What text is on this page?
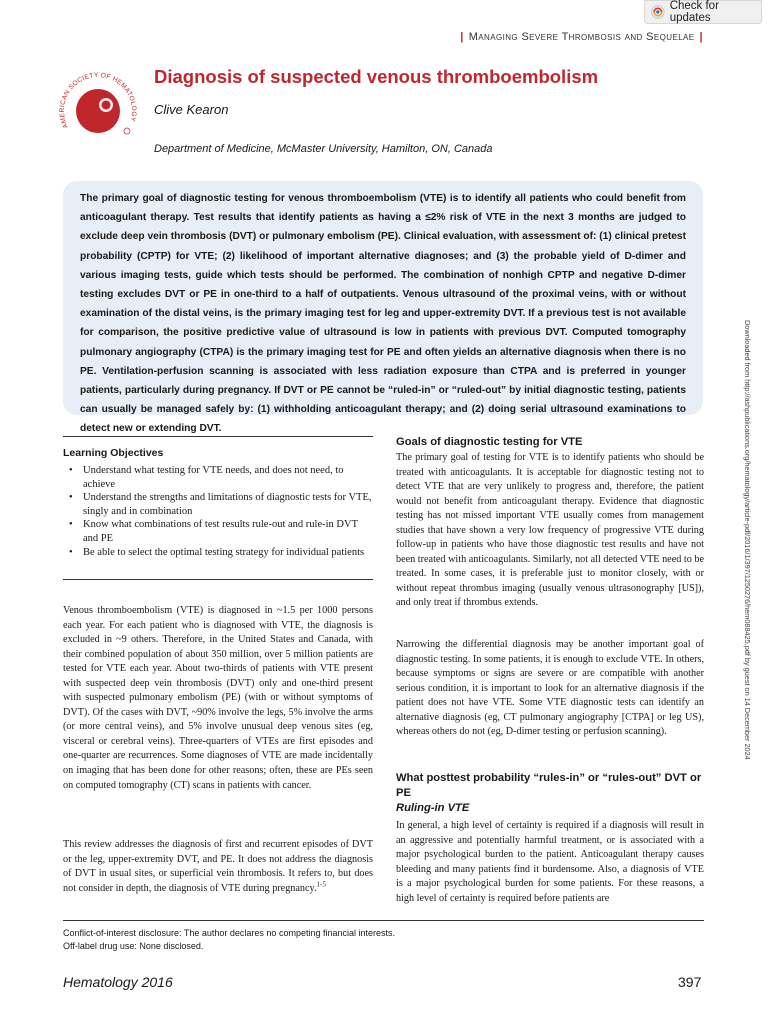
Check for updates
| Managing Severe Thrombosis and Sequelae |
AMERICAN SOCIETY OF HEMATOLOGY
Diagnosis of suspected venous thromboembolism
Clive Kearon
Department of Medicine, McMaster University, Hamilton, ON, Canada

The primary goal of diagnostic testing for venous thromboembolism (VTE) is to identify all patients who could benefit from anticoagulant therapy. Test results that identify patients as having a ≤2% risk of VTE in the next 3 months are judged to exclude deep vein thrombosis (DVT) or pulmonary embolism (PE). Clinical evaluation, with assessment of: (1) clinical pretest probability (CPTP) for VTE; (2) likelihood of important alternative diagnoses; and (3) the probable yield of D-dimer and various imaging tests, guide which tests should be performed. The combination of nonhigh CPTP and negative D-dimer testing excludes DVT or PE in one-third to a half of outpatients. Venous ultrasound of the proximal veins, with or without examination of the distal veins, is the primary imaging test for leg and upper-extremity DVT. If a previous test is not available for comparison, the positive predictive value of ultrasound is low in patients with previous DVT. Computed tomography pulmonary angiography (CTPA) is the primary imaging test for PE and often yields an alternative diagnosis when there is no PE. Ventilation-perfusion scanning is associated with less radiation exposure than CTPA and is preferred in younger patients, particularly during pregnancy. If DVT or PE cannot be “ruled-in” or “ruled-out” by initial diagnostic testing, patients can usually be managed safely by: (1) withholding anticoagulant therapy; and (2) doing serial ultrasound examinations to detect new or extending DVT.	Downloaded from http://ashpublications.org/hematology/article-pdf/2016/1/397/1250276/hem088425.pdf by guest on 14 December 2024

Learning Objectives

• Understand what testing for VTE needs, and does not need, to achieve
• Understand the strengths and limitations of diagnostic tests for VTE, singly and in combination
• Know what combinations of test results rule-out and rule-in DVT and PE
• Be able to select the optimal testing strategy for individual patients

Venous thromboembolism (VTE) is diagnosed in ~1.5 per 1000 persons each year. For each patient who is diagnosed with VTE, the diagnosis is excluded in ~9 others. Therefore, in the United States and Canada, with their combined population of about 350 million, over 5 million patients are tested for VTE each year. About two-thirds of patients with VTE present with suspected deep vein thrombosis (DVT) only and one-third present with suspected pulmonary embolism (PE) (with or without symptoms of DVT). Of the cases with DVT, ~90% involve the legs, 5% involve the arms (or more central veins), and 5% involve unusual deep venous sites (eg, visceral or cerebral veins). Three-quarters of VTEs are first episodes and one-quarter are recurrences. Some diagnoses of VTE are made incidentally on imaging that has been done for other reasons; often, these are PEs seen on computed tomography (CT) scans in patients with cancer.

This review addresses the diagnosis of first and recurrent episodes of DVT or the leg, upper-extremity DVT, and PE. It does not address the diagnosis of DVT in usual sites, or superficial vein thrombosis. It refers to, but does not consider in depth, the diagnosis of VTE during pregnancy.$^{1-5}$

Goals of diagnostic testing for VTE

The primary goal of testing for VTE is to identify patients who should be treated with anticoagulants. It is acceptable for diagnostic testing not to detect VTE that are very unlikely to progress and, therefore, the patient would not benefit from anticoagulant therapy. Evidence that diagnostic testing has not missed important VTE usually comes from management studies that have shown a very low frequency of progressive VTE during follow-up in patients who have those diagnostic test results and have not been treated with anticoagulants. Similarly, not all detected VTE need to be treated. In some cases, it is preferable just to monitor closely, with or without repeat thrombus imaging (usually venous ultrasonography [US]), and only treat if thrombus extends.

Narrowing the differential diagnosis may be another important goal of diagnostic testing. In some patients, it is enough to exclude VTE. In others, because symptoms or signs are severe or are compatible with another serious condition, it is important to look for an alternative diagnosis if the patient does not have VTE. Some VTE diagnostic tests can identify an alternative diagnosis (eg, CT pulmonary angiography [CTPA] or leg US), whereas others do not (eg, D-dimer testing or perfusion scanning).

What posttest probability “rules-in” or “rules-out” DVT or PE
Ruling-in VTE

In general, a high level of certainty is required if a diagnosis will result in an aggressive and potentially harmful treatment, or is associated with a major psychological burden to the patient. Anticoagulant therapy causes bleeding and many patients find it burdensome. Also, a diagnosis of VTE is a major psychological burden for some patients. For these reasons, a high level of certainty is required before patients are

Conflict-of-interest disclosure: The author declares no competing financial interests.

Off-label drug use: None disclosed.

Hematology 2016	397
